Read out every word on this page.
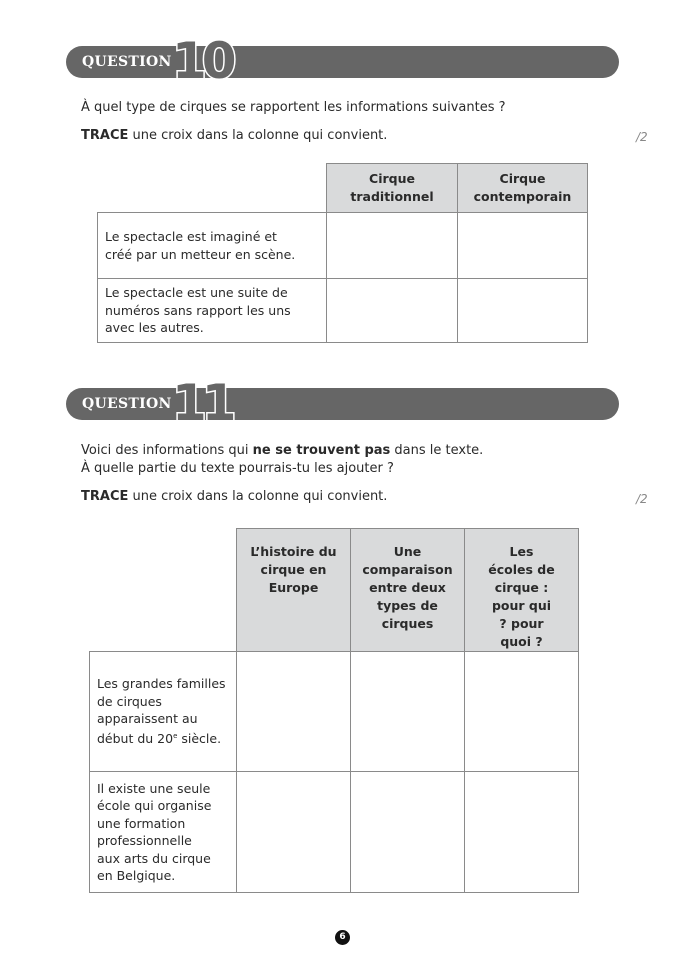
QUESTION 10
À quel type de cirques se rapportent les informations suivantes ?
TRACE une croix dans la colonne qui convient.	/2
	Cirque traditionnel	Cirque contemporain
Le spectacle est imaginé et créé par un metteur en scène.		
Le spectacle est une suite de numéros sans rapport les uns avec les autres.		
QUESTION 11
Voici des informations qui ne se trouvent pas dans le texte.
À quelle partie du texte pourrais-tu les ajouter ?
TRACE une croix dans la colonne qui convient.	/2
	L’histoire du cirque en Europe	Une comparaison entre deux types de cirques	Les écoles de cirque : pour qui ? pour quoi ?
Les grandes familles de cirques apparaissent au début du 20e siècle.			
Il existe une seule école qui organise une formation professionnelle aux arts du cirque en Belgique.			
6
